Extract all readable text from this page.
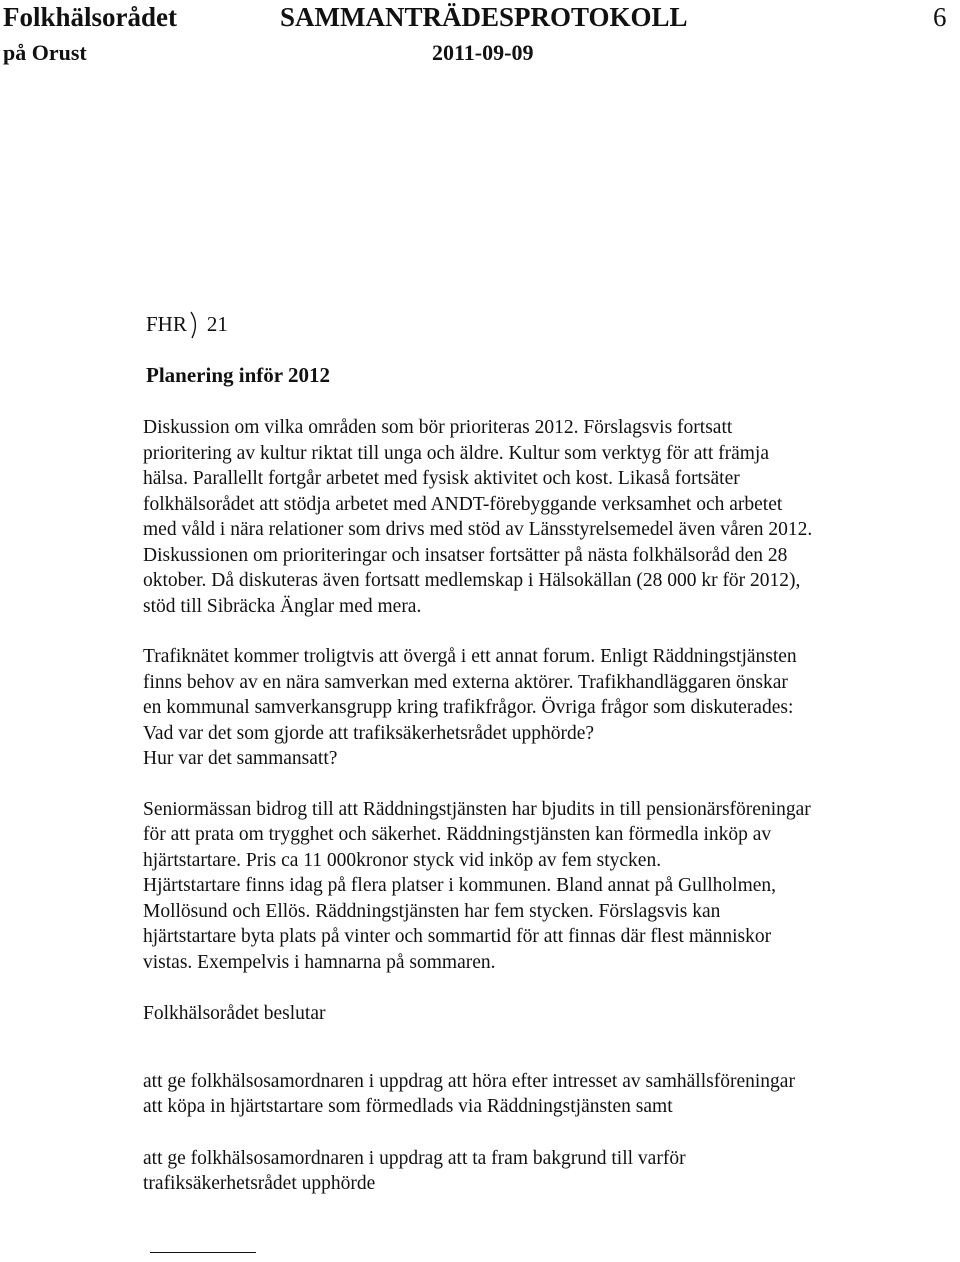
Folkhälsorådet	SAMMANTRÄDESPROTOKOLL	6
på Orust	2011-09-09
FHR 21
Planering inför 2012

Diskussion om vilka områden som bör prioriteras 2012. Förslagsvis fortsatt
prioritering av kultur riktat till unga och äldre. Kultur som verktyg för att främja
hälsa. Parallellt fortgår arbetet med fysisk aktivitet och kost. Likaså fortsäter
folkhälsorådet att stödja arbetet med ANDT-förebyggande verksamhet och arbetet
med våld i nära relationer som drivs med stöd av Länsstyrelsemedel även våren 2012.
Diskussionen om prioriteringar och insatser fortsätter på nästa folkhälsoråd den 28
oktober. Då diskuteras även fortsatt medlemskap i Hälsokällan (28 000 kr för 2012),
stöd till Sibräcka Änglar med mera.

Trafiknätet kommer troligtvis att övergå i ett annat forum. Enligt Räddningstjänsten
finns behov av en nära samverkan med externa aktörer. Trafikhandläggaren önskar
en kommunal samverkansgrupp kring trafikfrågor. Övriga frågor som diskuterades:
Vad var det som gjorde att trafiksäkerhetsrådet upphörde?
Hur var det sammansatt?

Seniormässan bidrog till att Räddningstjänsten har bjudits in till pensionärsföreningar
för att prata om trygghet och säkerhet. Räddningstjänsten kan förmedla inköp av
hjärtstartare. Pris ca 11 000kronor styck vid inköp av fem stycken.
Hjärtstartare finns idag på flera platser i kommunen. Bland annat på Gullholmen,
Mollösund och Ellös. Räddningstjänsten har fem stycken. Förslagsvis kan
hjärtstartare byta plats på vinter och sommartid för att finnas där flest människor
vistas. Exempelvis i hamnarna på sommaren.

Folkhälsorådet beslutar

att ge folkhälsosamordnaren i uppdrag att höra efter intresset av samhällsföreningar
att köpa in hjärtstartare som förmedlads via Räddningstjänsten samt

att ge folkhälsosamordnaren i uppdrag att ta fram bakgrund till varför
trafiksäkerhetsrådet upphörde
